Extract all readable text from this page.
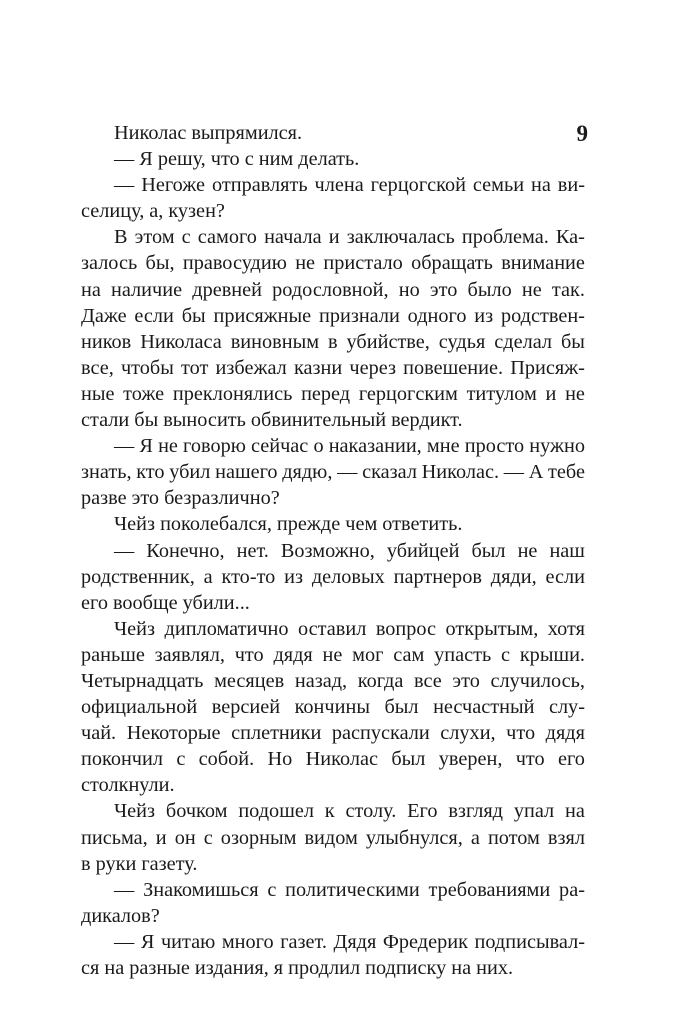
9
Николас выпрямился.
— Я решу, что с ним делать.
— Негоже отправлять члена герцогской семьи на ви-
селицу, а, кузен?
В этом с самого начала и заключалась проблема. Ка-
залось бы, правосудию не пристало обращать внимание
на наличие древней родословной, но это было не так.
Даже если бы присяжные признали одного из родствен-
ников Николаса виновным в убийстве, судья сделал бы
все, чтобы тот избежал казни через повешение. Присяж-
ные тоже преклонялись перед герцогским титулом и не
стали бы выносить обвинительный вердикт.
— Я не говорю сейчас о наказании, мне просто нужно
знать, кто убил нашего дядю, — сказал Николас. — А тебе
разве это безразлично?
Чейз поколебался, прежде чем ответить.
— Конечно, нет. Возможно, убийцей был не наш
родственник, а кто-то из деловых партнеров дяди, если
его вообще убили...
Чейз дипломатично оставил вопрос открытым, хотя
раньше заявлял, что дядя не мог сам упасть с крыши.
Четырнадцать месяцев назад, когда все это случилось,
официальной версией кончины был несчастный слу-
чай. Некоторые сплетники распускали слухи, что дядя
покончил с собой. Но Николас был уверен, что его
столкнули.
Чейз бочком подошел к столу. Его взгляд упал на
письма, и он с озорным видом улыбнулся, а потом взял
в руки газету.
— Знакомишься с политическими требованиями ра-
дикалов?
— Я читаю много газет. Дядя Фредерик подписывал-
ся на разные издания, я продлил подписку на них.
